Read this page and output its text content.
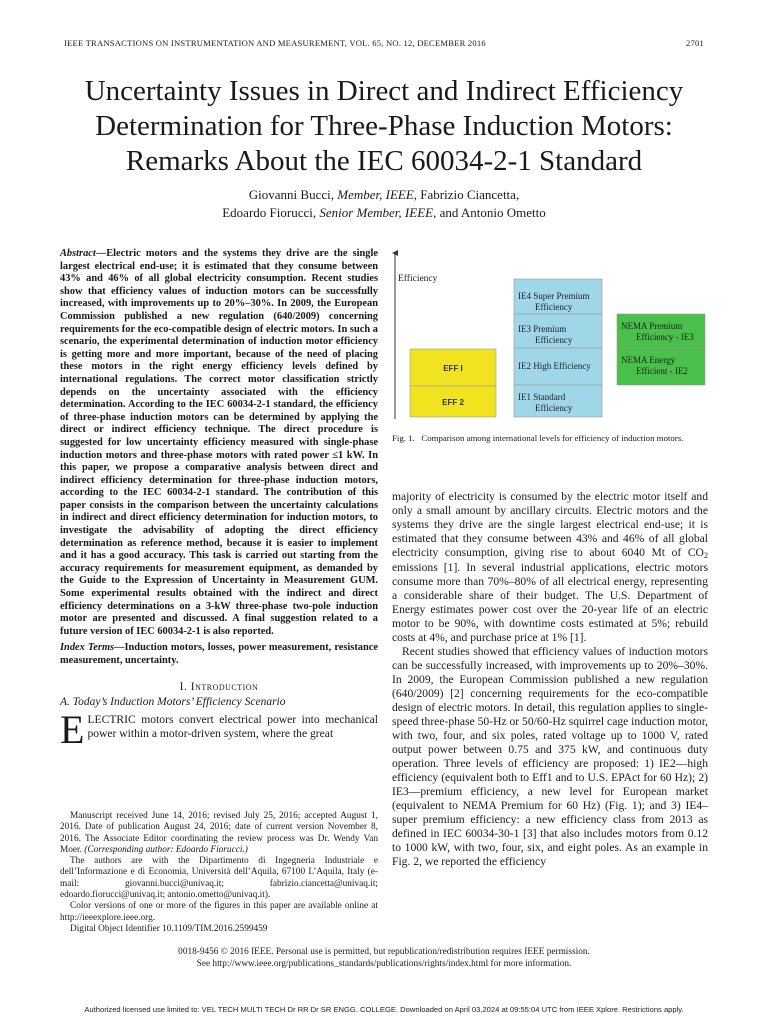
IEEE TRANSACTIONS ON INSTRUMENTATION AND MEASUREMENT, VOL. 65, NO. 12, DECEMBER 2016	2701
Uncertainty Issues in Direct and Indirect Efficiency
Determination for Three-Phase Induction Motors:
Remarks About the IEC 60034-2-1 Standard
Giovanni Bucci, Member, IEEE, Fabrizio Ciancetta,
Edoardo Fiorucci, Senior Member, IEEE, and Antonio Ometto

Abstract—Electric motors and the systems they drive are the single largest electrical end-use; it is estimated that they consume between 43% and 46% of all global electricity consumption. Recent studies show that efficiency values of induction motors can be successfully increased, with improvements up to 20%–30%. In 2009, the European Commission published a new regulation (640/2009) concerning requirements for the eco-compatible design of electric motors. In such a scenario, the experimental determination of induction motor efficiency is getting more and more important, because of the need of placing these motors in the right energy efficiency levels defined by international regulations. The correct motor classification strictly depends on the uncertainty associated with the efficiency determination. According to the IEC 60034-2-1 standard, the efficiency of three-phase induction motors can be determined by applying the direct or indirect efficiency technique. The direct procedure is suggested for low uncertainty efficiency measured with single-phase induction motors and three-phase motors with rated power ≤1 kW. In this paper, we propose a comparative analysis between direct and indirect efficiency determination for three-phase induction motors, according to the IEC 60034-2-1 standard. The contribution of this paper consists in the comparison between the uncertainty calculations in indirect and direct efficiency determination for induction motors, to investigate the advisability of adopting the direct efficiency determination as reference method, because it is easier to implement and it has a good accuracy. This task is carried out starting from the accuracy requirements for measurement equipment, as demanded by the Guide to the Expression of Uncertainty in Measurement GUM. Some experimental results obtained with the indirect and direct efficiency determinations on a 3-kW three-phase two-pole induction motor are presented and discussed. A final suggestion related to a future version of IEC 60034-2-1 is also reported.

Index Terms—Induction motors, losses, power measurement, resistance measurement, uncertainty.

I. Introduction
A. Today’s Induction Motors’ Efficiency Scenario

ELECTRIC motors convert electrical power into mechanical power within a motor-driven system, where the great

Manuscript received June 14, 2016; revised July 25, 2016; accepted August 1, 2016. Date of publication August 24, 2016; date of current version November 8, 2016. The Associate Editor coordinating the review process was Dr. Wendy Van Moer. (Corresponding author: Edoardo Fiorucci.)

The authors are with the Dipartimento di Ingegneria Industriale e dell’Informazione e di Economia, Università dell’Aquila, 67100 L’Aquila, Italy (e-mail: giovanni.bucci@univaq.it; fabrizio.ciancetta@univaq.it; edoardo.fiorucci@univaq.it; antonio.ometto@univaq.it).

Color versions of one or more of the figures in this paper are available online at http://ieeexplore.ieee.org.

Digital Object Identifier 10.1109/TIM.2016.2599459

Efficiency
EFF I
EFF 2
IE4 Super Premium Efficiency
IE3 Premium Efficiency
IE2 High Efficiency
IE1 Standard Efficiency
NEMA Premium Efficiency - IE3
NEMA Energy Efficient - IE2
Fig. 1. Comparison among international levels for efficiency of induction motors.

majority of electricity is consumed by the electric motor itself and only a small amount by ancillary circuits. Electric motors and the systems they drive are the single largest electrical end-use; it is estimated that they consume between 43% and 46% of all global electricity consumption, giving rise to about 6040 Mt of $CO_2$ emissions [1]. In several industrial applications, electric motors consume more than 70%–80% of all electrical energy, representing a considerable share of their budget. The U.S. Department of Energy estimates power cost over the 20-year life of an electric motor to be 90%, with downtime costs estimated at 5%; rebuild costs at 4%, and purchase price at 1% [1].

Recent studies showed that efficiency values of induction motors can be successfully increased, with improvements up to 20%–30%. In 2009, the European Commission published a new regulation (640/2009) [2] concerning requirements for the eco-compatible design of electric motors. In detail, this regulation applies to single-speed three-phase 50-Hz or 50/60-Hz squirrel cage induction motor, with two, four, and six poles, rated voltage up to 1000 V, rated output power between 0.75 and 375 kW, and continuous duty operation. Three levels of efficiency are proposed: 1) IE2—high efficiency (equivalent both to Eff1 and to U.S. EPAct for 60 Hz); 2) IE3—premium efficiency, a new level for European market (equivalent to NEMA Premium for 60 Hz) (Fig. 1); and 3) IE4–super premium efficiency: a new efficiency class from 2013 as defined in IEC 60034-30-1 [3] that also includes motors from 0.12 to 1000 kW, with two, four, six, and eight poles. As an example in Fig. 2, we reported the efficiency

0018-9456 © 2016 IEEE. Personal use is permitted, but republication/redistribution requires IEEE permission.
See http://www.ieee.org/publications_standards/publications/rights/index.html for more information.
Authorized licensed use limited to: VEL TECH MULTI TECH Dr RR Dr SR ENGG. COLLEGE. Downloaded on April 03,2024 at 09:55:04 UTC from IEEE Xplore. Restrictions apply.
